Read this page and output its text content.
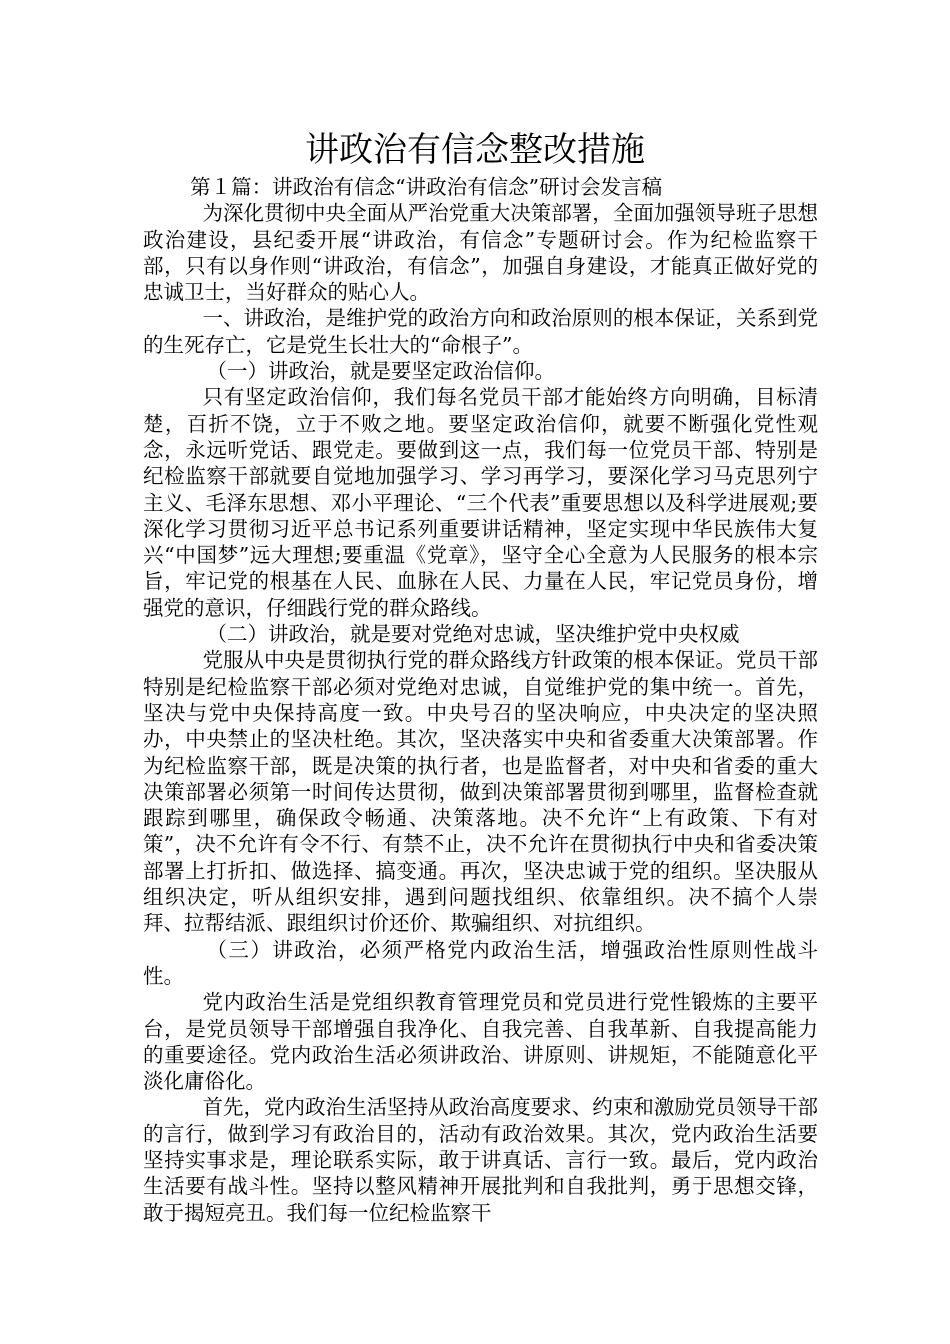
讲政治有信念整改措施

第１篇：讲政治有信念“讲政治有信念”研讨会发言稿

为深化贯彻中央全面从严治党重大决策部署，全面加强领导班子思想政治建设，县纪委开展“讲政治，有信念”专题研讨会。作为纪检监察干部，只有以身作则“讲政治，有信念”，加强自身建设，才能真正做好党的忠诚卫士，当好群众的贴心人。

一、讲政治，是维护党的政治方向和政治原则的根本保证，关系到党的生死存亡，它是党生长壮大的“命根子”。

（一）讲政治，就是要坚定政治信仰。

只有坚定政治信仰，我们每名党员干部才能始终方向明确，目标清楚，百折不饶，立于不败之地。要坚定政治信仰，就要不断强化党性观念，永远听党话、跟党走。要做到这一点，我们每一位党员干部、特别是纪检监察干部就要自觉地加强学习、学习再学习，要深化学习马克思列宁主义、毛泽东思想、邓小平理论、“三个代表”重要思想以及科学进展观;要深化学习贯彻习近平总书记系列重要讲话精神，坚定实现中华民族伟大复兴“中国梦”远大理想;要重温《党章》，坚守全心全意为人民服务的根本宗旨，牢记党的根基在人民、血脉在人民、力量在人民，牢记党员身份，增强党的意识，仔细践行党的群众路线。

（二）讲政治，就是要对党绝对忠诚，坚决维护党中央权威

党服从中央是贯彻执行党的群众路线方针政策的根本保证。党员干部特别是纪检监察干部必须对党绝对忠诚，自觉维护党的集中统一。首先，坚决与党中央保持高度一致。中央号召的坚决响应，中央决定的坚决照办，中央禁止的坚决杜绝。其次，坚决落实中央和省委重大决策部署。作为纪检监察干部，既是决策的执行者，也是监督者，对中央和省委的重大决策部署必须第一时间传达贯彻，做到决策部署贯彻到哪里，监督检查就跟踪到哪里，确保政令畅通、决策落地。决不允许“上有政策、下有对策”，决不允许有令不行、有禁不止，决不允许在贯彻执行中央和省委决策部署上打折扣、做选择、搞变通。再次，坚决忠诚于党的组织。坚决服从组织决定，听从组织安排，遇到问题找组织、依靠组织。决不搞个人崇拜、拉帮结派、跟组织讨价还价、欺骗组织、对抗组织。

（三）讲政治，必须严格党内政治生活，增强政治性原则性战斗性。

党内政治生活是党组织教育管理党员和党员进行党性锻炼的主要平台，是党员领导干部增强自我净化、自我完善、自我革新、自我提高能力的重要途径。党内政治生活必须讲政治、讲原则、讲规矩，不能随意化平淡化庸俗化。

首先，党内政治生活坚持从政治高度要求、约束和激励党员领导干部的言行，做到学习有政治目的，活动有政治效果。其次，党内政治生活要坚持实事求是，理论联系实际，敢于讲真话、言行一致。最后，党内政治生活要有战斗性。坚持以整风精神开展批判和自我批判，勇于思想交锋，敢于揭短亮丑。我们每一位纪检监察干
